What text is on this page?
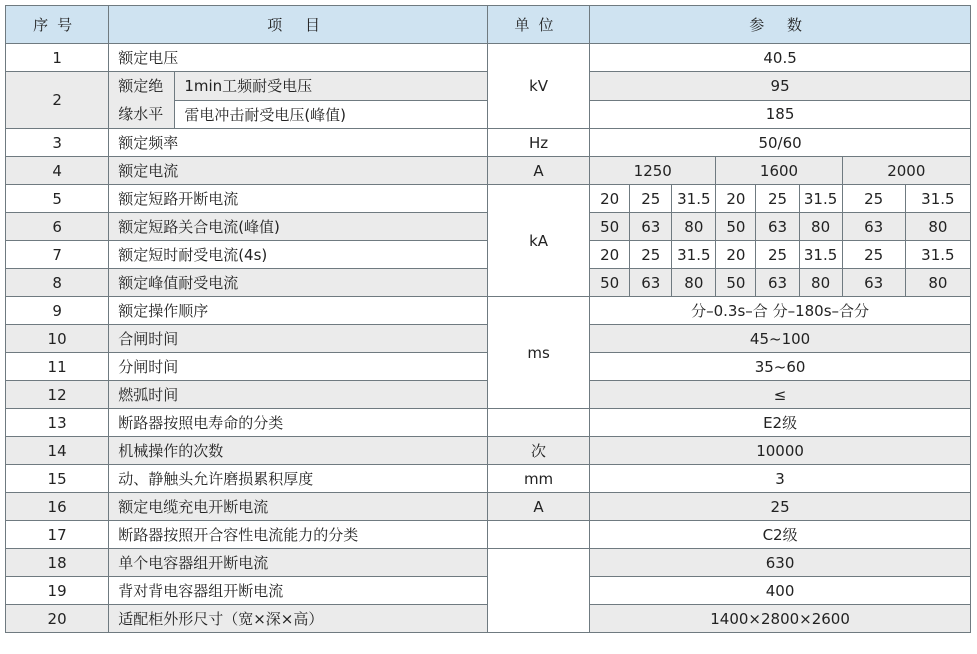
序号	项 目		单位	参 数							
1	额定电压		kV	40.5							
2	额定绝缘水平	1min工频耐受电压		95							
		雷电冲击耐受电压(峰值)		185							
3	额定频率		Hz	50/60							
4	额定电流		A	1250			1600			2000	
5	额定短路开断电流		kA	20	25	31.5	20	25	31.5	25	31.5
6	额定短路关合电流(峰值)			50	63	80	50	63	80	63	80
7	额定短时耐受电流(4s)			20	25	31.5	20	25	31.5	25	31.5
8	额定峰值耐受电流			50	63	80	50	63	80	63	80
9	额定操作顺序		ms	分–0.3s–合 分–180s–合分							
10	合闸时间			45~100							
11	分闸时间			35~60							
12	燃弧时间			≤							
13	断路器按照电寿命的分类			E2级							
14	机械操作的次数		次	10000							
15	动、静触头允许磨损累积厚度		mm	3							
16	额定电缆充电开断电流		A	25							
17	断路器按照开合容性电流能力的分类			C2级							
18	单个电容器组开断电流			630							
19	背对背电容器组开断电流			400							
20	适配柜外形尺寸（宽×深×高）			1400×2800×2600							
